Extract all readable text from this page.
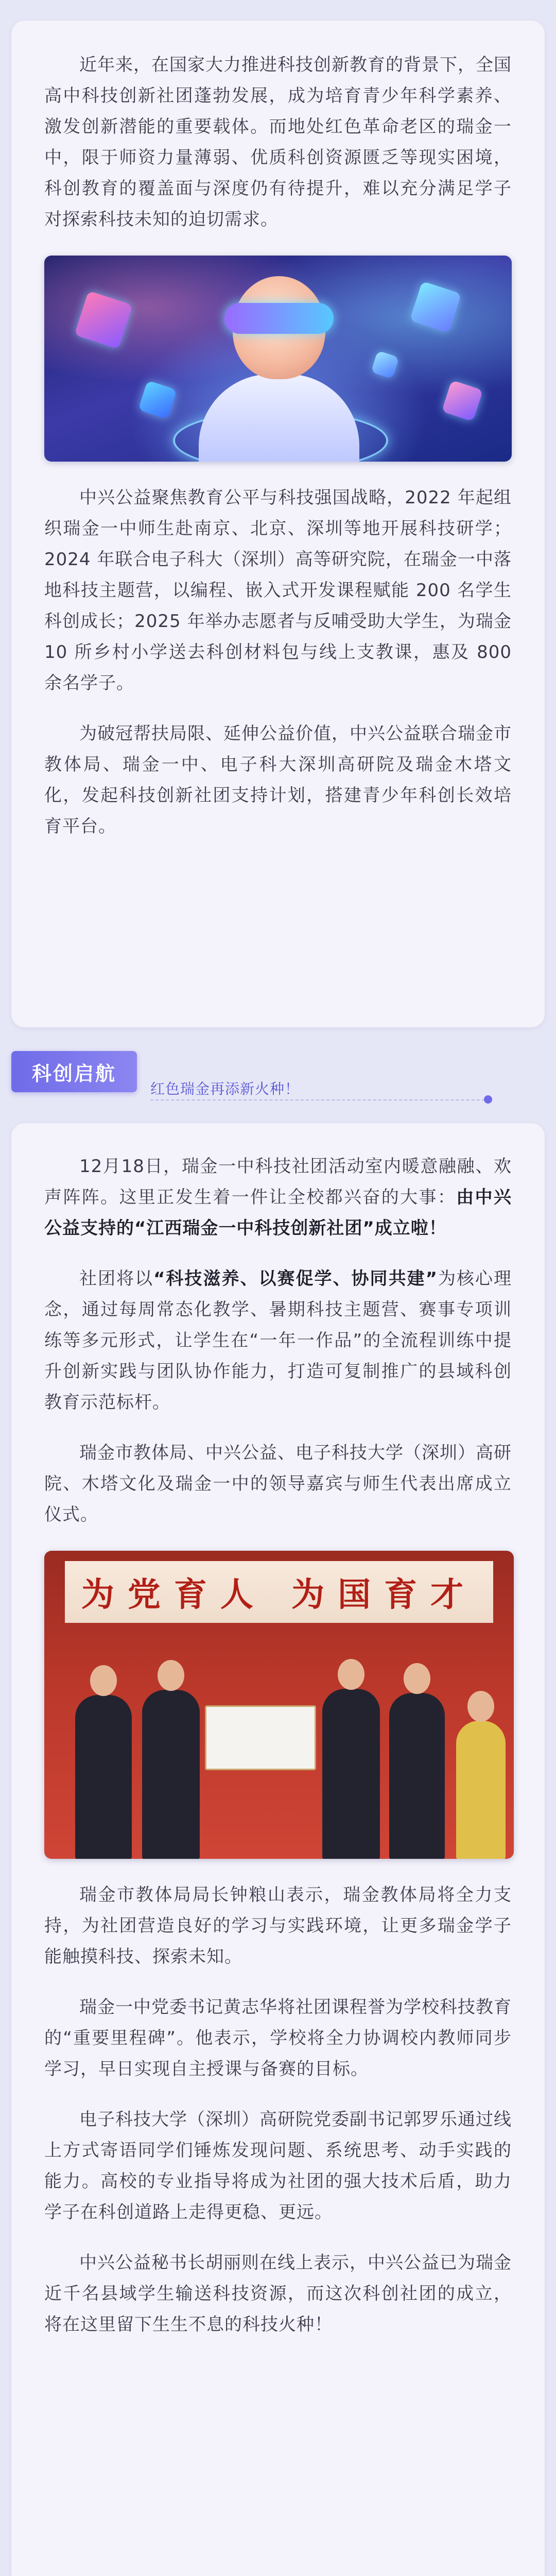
近年来，在国家大力推进科技创新教育的背景下，全国高中科技创新社团蓬勃发展，成为培育青少年科学素养、激发创新潜能的重要载体。而地处红色革命老区的瑞金一中，限于师资力量薄弱、优质科创资源匮乏等现实困境，科创教育的覆盖面与深度仍有待提升，难以充分满足学子对探索科技未知的迫切需求。

中兴公益聚焦教育公平与科技强国战略，2022 年起组织瑞金一中师生赴南京、北京、深圳等地开展科技研学；2024 年联合电子科大（深圳）高等研究院，在瑞金一中落地科技主题营，以编程、嵌入式开发课程赋能 200 名学生科创成长；2025 年举办志愿者与反哺受助大学生，为瑞金 10 所乡村小学送去科创材料包与线上支教课，惠及 800 余名学子。

为破冠帮扶局限、延伸公益价值，中兴公益联合瑞金市教体局、瑞金一中、电子科大深圳高研院及瑞金木塔文化，发起科技创新社团支持计划，搭建青少年科创长效培育平台。

科创启航
红色瑞金再添新火种！

12月18日，瑞金一中科技社团活动室内暖意融融、欢声阵阵。这里正发生着一件让全校都兴奋的大事：由中兴公益支持的“江西瑞金一中科技创新社团”成立啦！

社团将以“科技滋养、以赛促学、协同共建”为核心理念，通过每周常态化教学、暑期科技主题营、赛事专项训练等多元形式，让学生在“一年一作品”的全流程训练中提升创新实践与团队协作能力，打造可复制推广的县域科创教育示范标杆。

瑞金市教体局、中兴公益、电子科技大学（深圳）高研院、木塔文化及瑞金一中的领导嘉宾与师生代表出席成立仪式。

为党育人 为国育才

瑞金市教体局局长钟粮山表示，瑞金教体局将全力支持，为社团营造良好的学习与实践环境，让更多瑞金学子能触摸科技、探索未知。

瑞金一中党委书记黄志华将社团课程誉为学校科技教育的“重要里程碑”。他表示，学校将全力协调校内教师同步学习，早日实现自主授课与备赛的目标。

电子科技大学（深圳）高研院党委副书记郭罗乐通过线上方式寄语同学们锤炼发现问题、系统思考、动手实践的能力。高校的专业指导将成为社团的强大技术后盾，助力学子在科创道路上走得更稳、更远。

中兴公益秘书长胡丽则在线上表示，中兴公益已为瑞金近千名县域学生输送科技资源，而这次科创社团的成立，将在这里留下生生不息的科技火种！
